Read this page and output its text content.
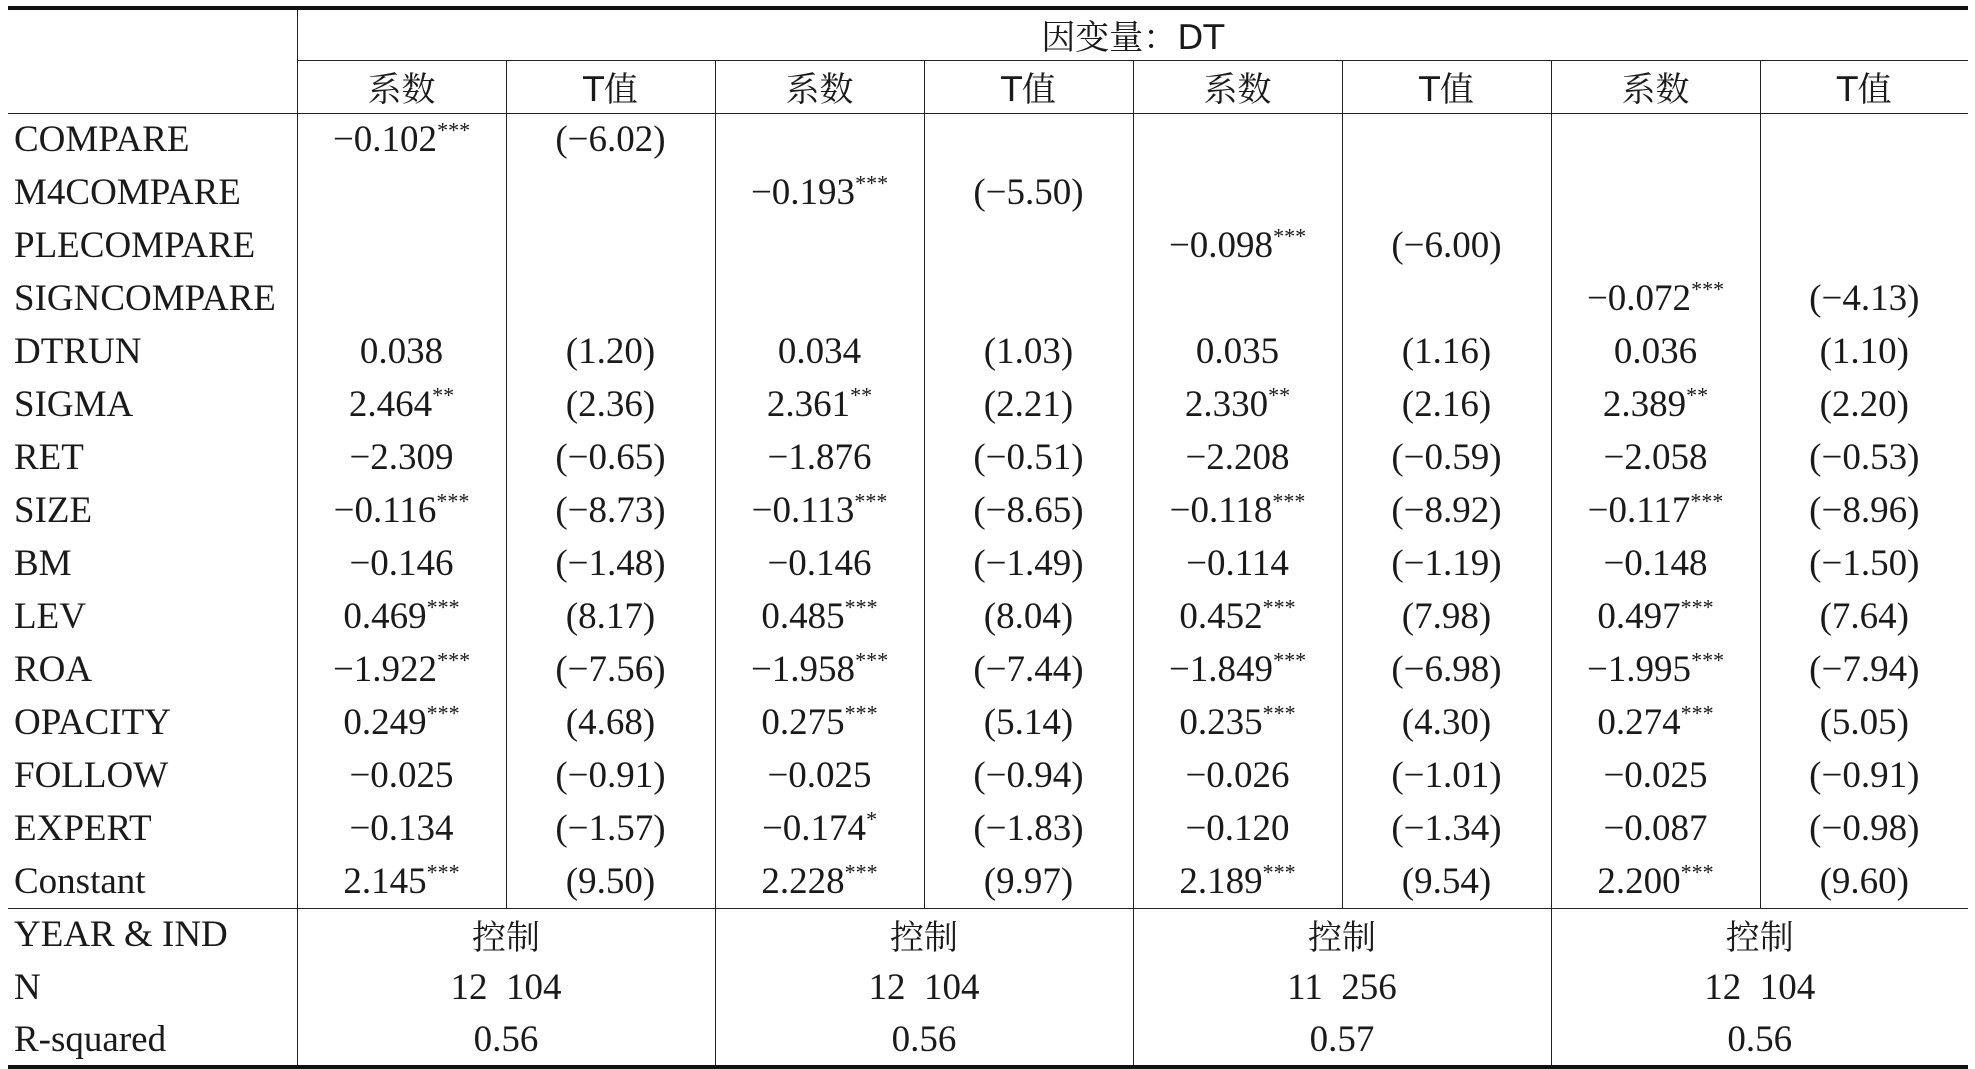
	因变量：DT							
	系数	T值	系数	T值	系数	T值	系数	T值
COMPARE	−0.102***	(−6.02)						
M4COMPARE			−0.193***	(−5.50)				
PLECOMPARE					−0.098***	(−6.00)		
SIGNCOMPARE							−0.072***	(−4.13)
DTRUN	0.038	(1.20)	0.034	(1.03)	0.035	(1.16)	0.036	(1.10)
SIGMA	2.464**	(2.36)	2.361**	(2.21)	2.330**	(2.16)	2.389**	(2.20)
RET	−2.309	(−0.65)	−1.876	(−0.51)	−2.208	(−0.59)	−2.058	(−0.53)
SIZE	−0.116***	(−8.73)	−0.113***	(−8.65)	−0.118***	(−8.92)	−0.117***	(−8.96)
BM	−0.146	(−1.48)	−0.146	(−1.49)	−0.114	(−1.19)	−0.148	(−1.50)
LEV	0.469***	(8.17)	0.485***	(8.04)	0.452***	(7.98)	0.497***	(7.64)
ROA	−1.922***	(−7.56)	−1.958***	(−7.44)	−1.849***	(−6.98)	−1.995***	(−7.94)
OPACITY	0.249***	(4.68)	0.275***	(5.14)	0.235***	(4.30)	0.274***	(5.05)
FOLLOW	−0.025	(−0.91)	−0.025	(−0.94)	−0.026	(−1.01)	−0.025	(−0.91)
EXPERT	−0.134	(−1.57)	−0.174*	(−1.83)	−0.120	(−1.34)	−0.087	(−0.98)
Constant	2.145***	(9.50)	2.228***	(9.97)	2.189***	(9.54)	2.200***	(9.60)
YEAR & IND	控制		控制		控制		控制	
N	12  104		12  104		11  256		12  104	
R-squared	0.56		0.56		0.57		0.56	
